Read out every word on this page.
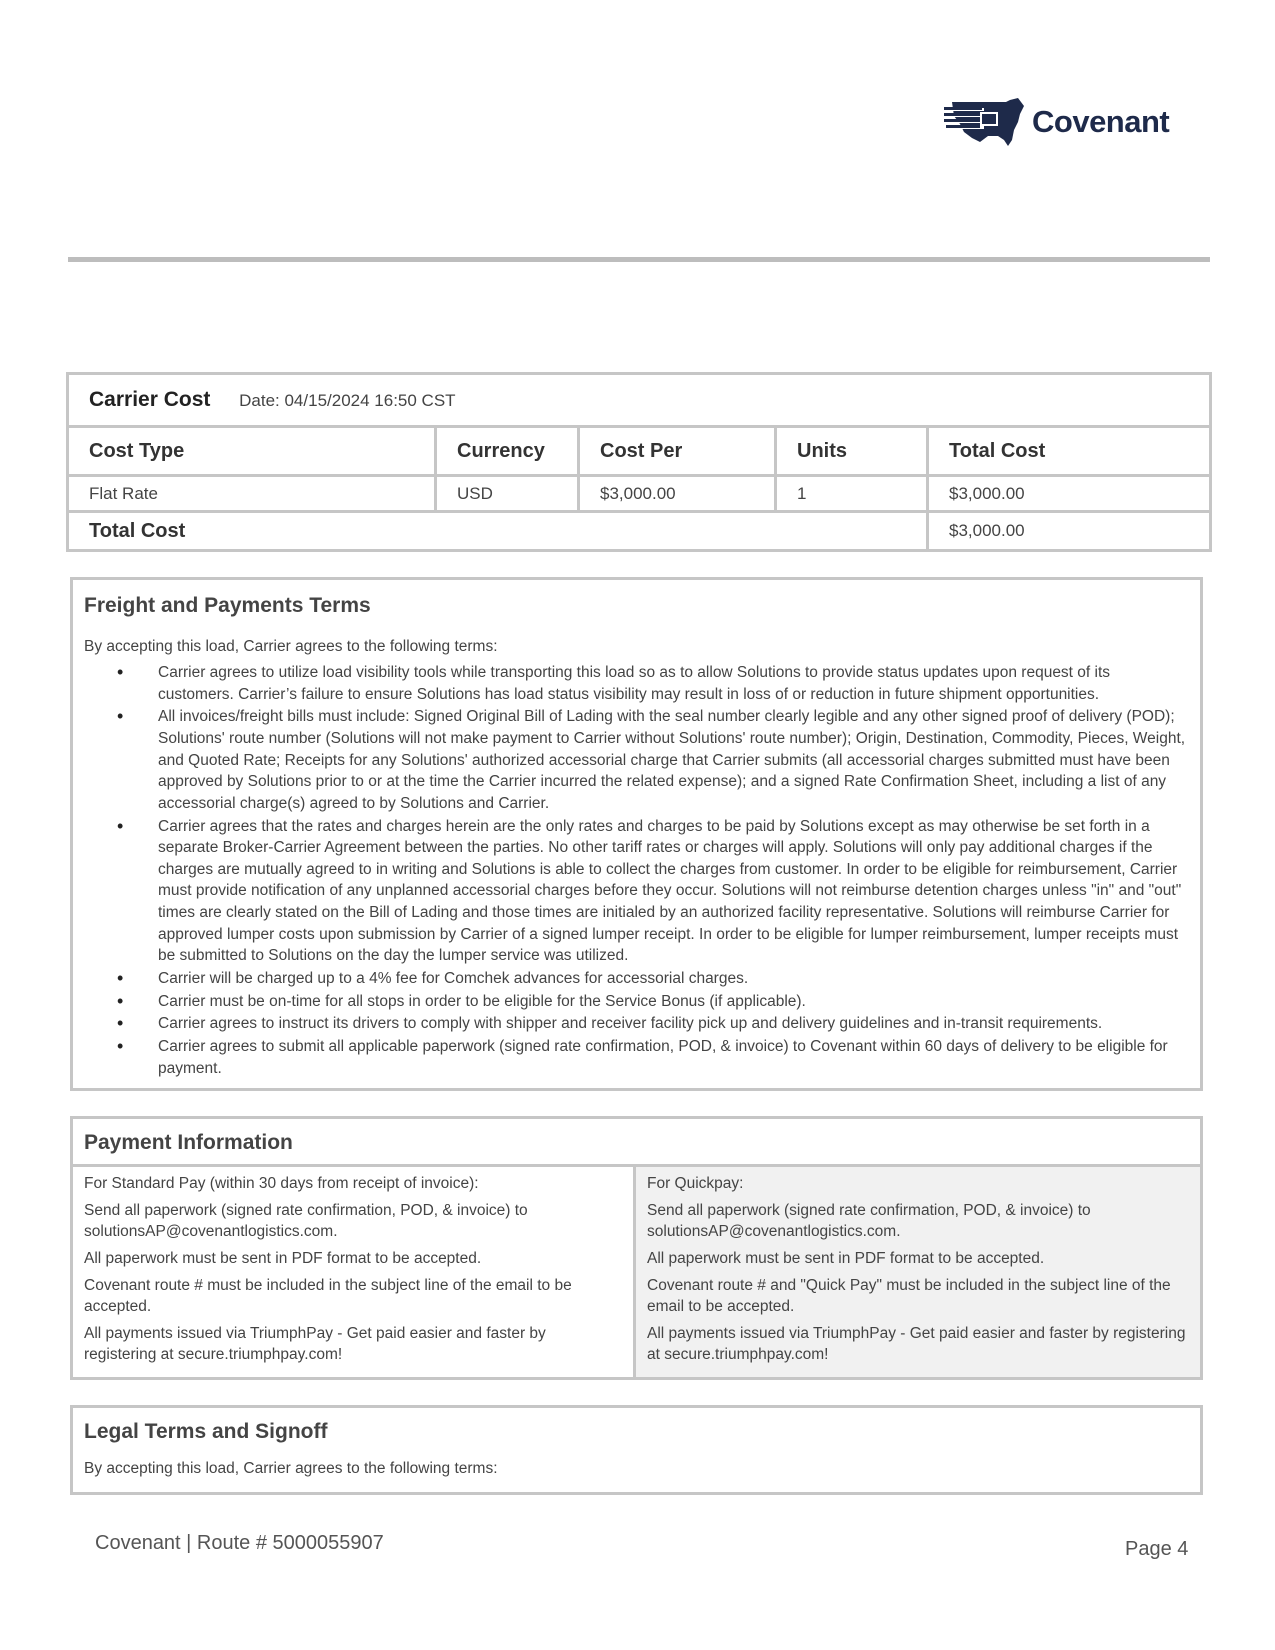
Covenant
Carrier Cost Date: 04/15/2024 16:50 CST				
Cost Type	Currency	Cost Per	Units	Total Cost
Flat Rate	USD	$3,000.00	1	$3,000.00
Total Cost				$3,000.00
Freight and Payments Terms
By accepting this load, Carrier agrees to the following terms:
• Carrier agrees to utilize load visibility tools while transporting this load so as to allow Solutions to provide status updates upon request of its customers. Carrier’s failure to ensure Solutions has load status visibility may result in loss of or reduction in future shipment opportunities.
• All invoices/freight bills must include: Signed Original Bill of Lading with the seal number clearly legible and any other signed proof of delivery (POD); Solutions' route number (Solutions will not make payment to Carrier without Solutions' route number); Origin, Destination, Commodity, Pieces, Weight, and Quoted Rate; Receipts for any Solutions' authorized accessorial charge that Carrier submits (all accessorial charges submitted must have been approved by Solutions prior to or at the time the Carrier incurred the related expense); and a signed Rate Confirmation Sheet, including a list of any accessorial charge(s) agreed to by Solutions and Carrier.
• Carrier agrees that the rates and charges herein are the only rates and charges to be paid by Solutions except as may otherwise be set forth in a separate Broker-Carrier Agreement between the parties. No other tariff rates or charges will apply. Solutions will only pay additional charges if the charges are mutually agreed to in writing and Solutions is able to collect the charges from customer. In order to be eligible for reimbursement, Carrier must provide notification of any unplanned accessorial charges before they occur. Solutions will not reimburse detention charges unless "in" and "out" times are clearly stated on the Bill of Lading and those times are initialed by an authorized facility representative. Solutions will reimburse Carrier for approved lumper costs upon submission by Carrier of a signed lumper receipt. In order to be eligible for lumper reimbursement, lumper receipts must be submitted to Solutions on the day the lumper service was utilized.
• Carrier will be charged up to a 4% fee for Comchek advances for accessorial charges.
• Carrier must be on-time for all stops in order to be eligible for the Service Bonus (if applicable).
• Carrier agrees to instruct its drivers to comply with shipper and receiver facility pick up and delivery guidelines and in-transit requirements.
• Carrier agrees to submit all applicable paperwork (signed rate confirmation, POD, & invoice) to Covenant within 60 days of delivery to be eligible for payment.
Payment Information

For Standard Pay (within 30 days from receipt of invoice):

Send all paperwork (signed rate confirmation, POD, & invoice) to solutionsAP@covenantlogistics.com.

All paperwork must be sent in PDF format to be accepted.

Covenant route # must be included in the subject line of the email to be accepted.

All payments issued via TriumphPay - Get paid easier and faster by registering at secure.triumphpay.com!

For Quickpay:

Send all paperwork (signed rate confirmation, POD, & invoice) to solutionsAP@covenantlogistics.com.

All paperwork must be sent in PDF format to be accepted.

Covenant route # and "Quick Pay" must be included in the subject line of the email to be accepted.

All payments issued via TriumphPay - Get paid easier and faster by registering at secure.triumphpay.com!

Legal Terms and Signoff
By accepting this load, Carrier agrees to the following terms:
Covenant | Route # 5000055907	Page 4
